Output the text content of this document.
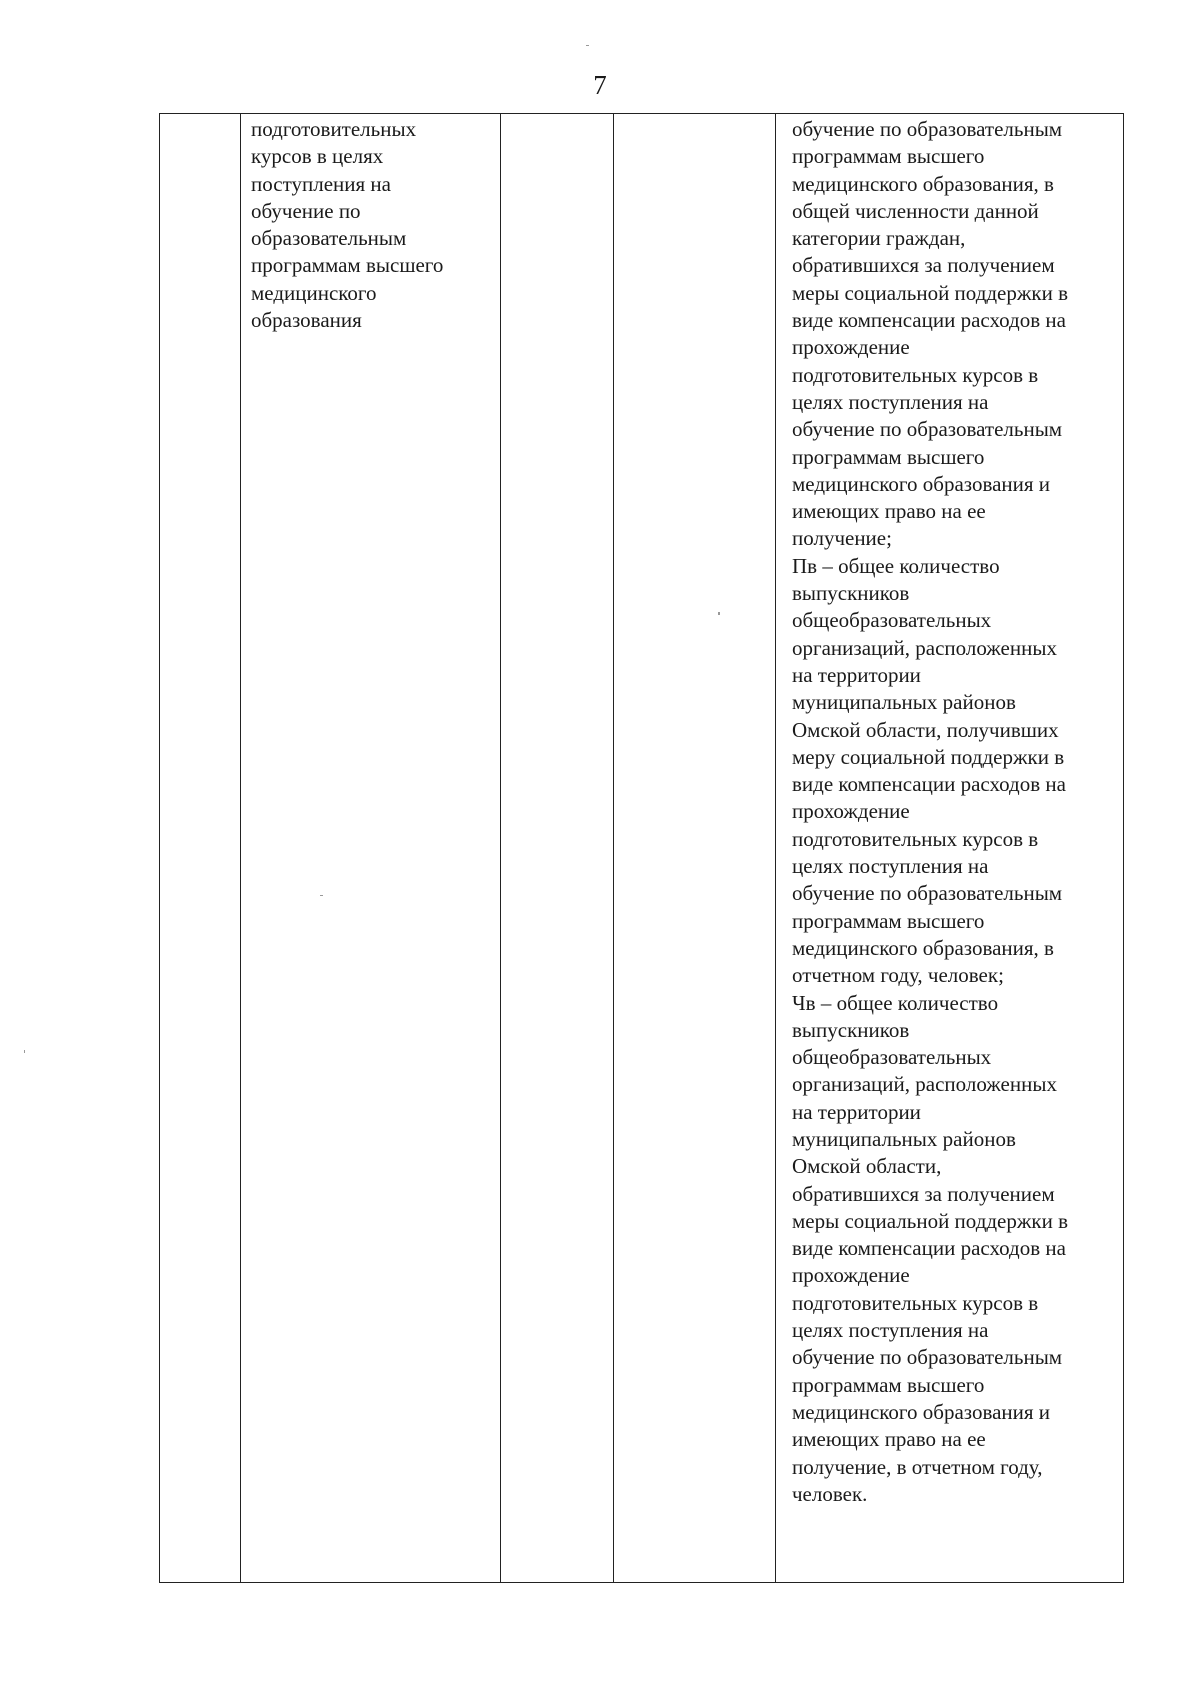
7

подготовительных
курсов в целях
поступления на
обучение по
образовательным
программам высшего
медицинского
образования

обучение по образовательным
программам высшего
медицинского образования, в
общей численности данной
категории граждан,
обратившихся за получением
меры социальной поддержки в
виде компенсации расходов на
прохождение
подготовительных курсов в
целях поступления на
обучение по образовательным
программам высшего
медицинского образования и
имеющих право на ее
получение;
Пв – общее количество
выпускников
общеобразовательных
организаций, расположенных
на территории
муниципальных районов
Омской области, получивших
меру социальной поддержки в
виде компенсации расходов на
прохождение
подготовительных курсов в
целях поступления на
обучение по образовательным
программам высшего
медицинского образования, в
отчетном году, человек;
Чв – общее количество
выпускников
общеобразовательных
организаций, расположенных
на территории
муниципальных районов
Омской области,
обратившихся за получением
меры социальной поддержки в
виде компенсации расходов на
прохождение
подготовительных курсов в
целях поступления на
обучение по образовательным
программам высшего
медицинского образования и
имеющих право на ее
получение, в отчетном году,
человек.
